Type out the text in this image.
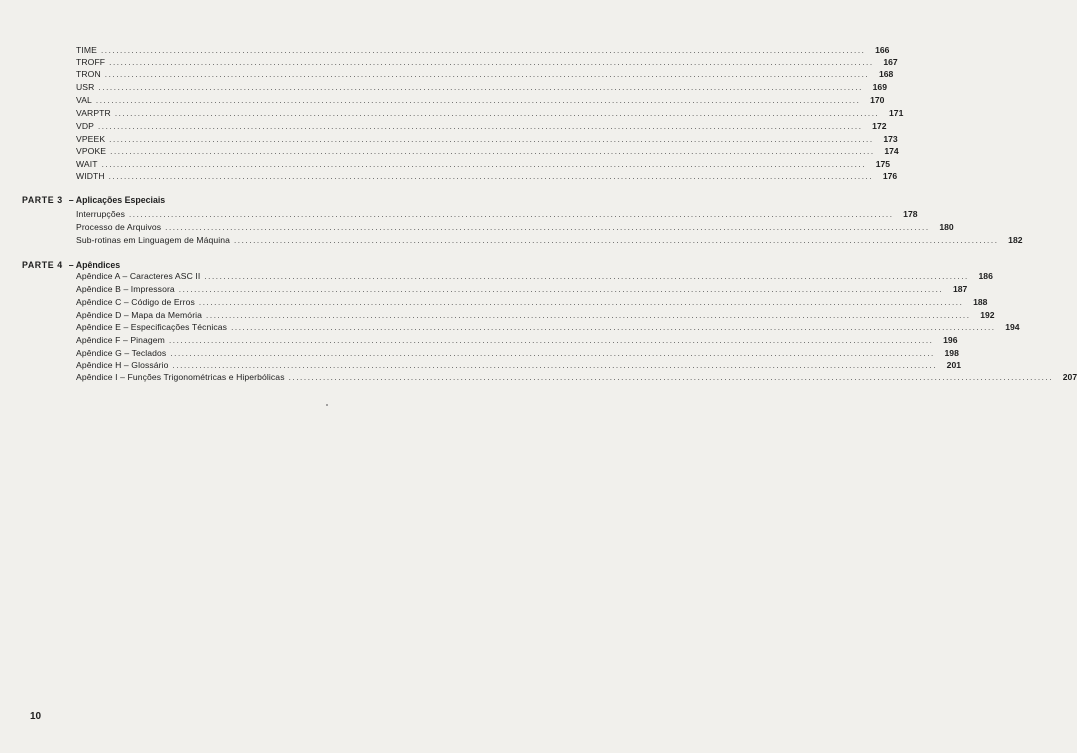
TIME ........................................................................................................................................................................................................	166
TROFF ........................................................................................................................................................................................................	167
TRON ........................................................................................................................................................................................................	168
USR ........................................................................................................................................................................................................	169
VAL ........................................................................................................................................................................................................	170
VARPTR ........................................................................................................................................................................................................	171
VDP ........................................................................................................................................................................................................	172
VPEEK ........................................................................................................................................................................................................	173
VPOKE ........................................................................................................................................................................................................	174
WAIT ........................................................................................................................................................................................................	175
WIDTH ........................................................................................................................................................................................................	176
PARTE 3 – Aplicações Especiais
Interrupções ........................................................................................................................................................................................................	178
Processo de Arquivos ........................................................................................................................................................................................................	180
Sub-rotinas em Linguagem de Máquina ........................................................................................................................................................................................................	182
PARTE 4 – Apêndices
Apêndice A – Caracteres ASC II ........................................................................................................................................................................................................	186
Apêndice B – Impressora ........................................................................................................................................................................................................	187
Apêndice C – Código de Erros ........................................................................................................................................................................................................	188
Apêndice D – Mapa da Memória ........................................................................................................................................................................................................	192
Apêndice E – Especificações Técnicas ........................................................................................................................................................................................................	194
Apêndice F – Pinagem ........................................................................................................................................................................................................	196
Apêndice G – Teclados ........................................................................................................................................................................................................	198
Apêndice H – Glossário ........................................................................................................................................................................................................	201
Apêndice I – Funções Trigonométricas e Hiperbólicas ........................................................................................................................................................................................................	207
10
